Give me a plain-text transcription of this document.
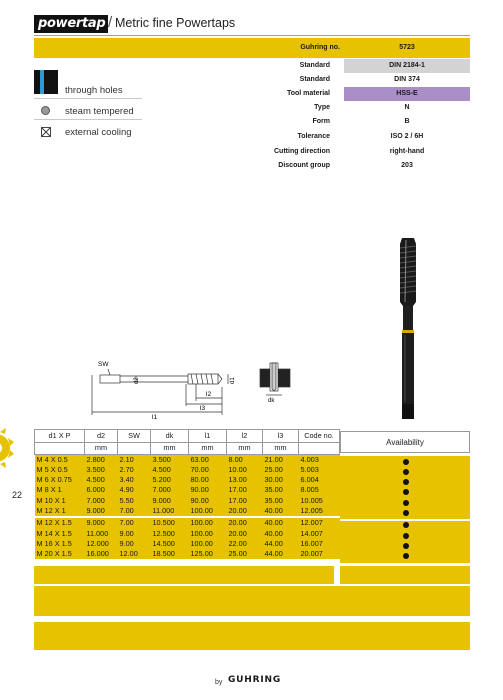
powertap / Metric fine Powertaps
Guhring no.	5723
Standard	DIN 2184-1
Standard	DIN 374
Tool material	HSS-E
Type	N
Form	B
Tolerance	ISO 2 / 6H
Cutting direction	right-hand
Discount group	203
through holes
steam tempered
external cooling
SW
d2	d1
l1
l2
l3
dk
22
Availability
d1 X P	d2	SW	dk	l1	l2	l3	Code no.
	mm		mm	mm	mm	mm	
M 4 X 0.5	2.800	2.10	3.500	63.00	8.00	21.00	4.003
M 5 X 0.5	3.500	2.70	4.500	70.00	10.00	25.00	5.003
M 6 X 0.75	4.500	3.40	5.200	80.00	13.00	30.00	6.004
M 8 X 1	6.000	4.90	7.000	90.00	17.00	35.00	8.005
M 10 X 1	7.000	5.50	9.000	90.00	17.00	35.00	10.005
M 12 X 1	9.000	7.00	11.000	100.00	20.00	40.00	12.005

M 12 X 1.5	9.000	7.00	10.500	100.00	20.00	40.00	12.007
M 14 X 1.5	11.000	9.00	12.500	100.00	20.00	40.00	14.007
M 16 X 1.5	12.000	9.00	14.500	100.00	22.00	44.00	16.007
M 20 X 1.5	16.000	12.00	18.500	125.00	25.00	44.00	20.007
by GUHRING
